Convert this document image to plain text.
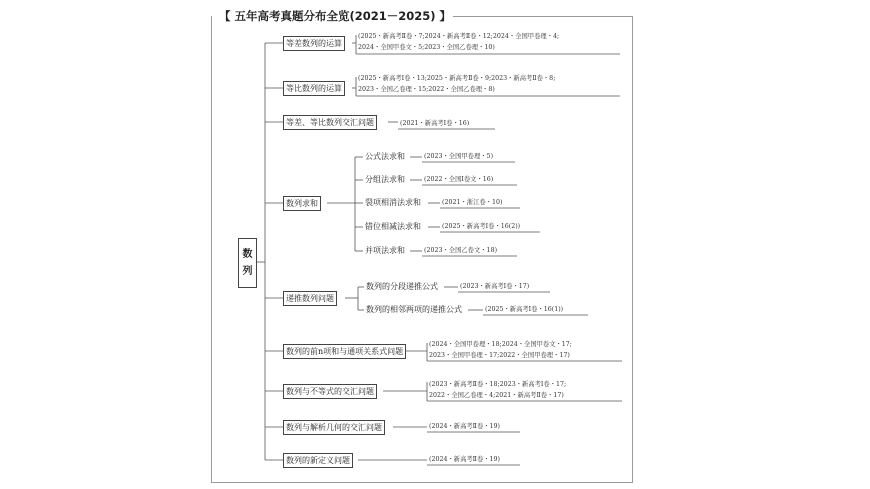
【 五年高考真题分布全览(2021－2025) 】
数
列
等差数列的运算
(2025・新高考Ⅱ卷・7;2024・新高考Ⅱ卷・12;2024・全国甲卷理・4;
2024・全国甲卷文・5;2023・全国乙卷理・10)
等比数列的运算
(2025・新高考Ⅰ卷・13;2025・新高考Ⅱ卷・9;2023・新高考Ⅱ卷・8;
2023・全国乙卷理・15;2022・全国乙卷理・8)
等差、等比数列交汇问题	(2021・新高考Ⅰ卷・16)
数列求和
公式法求和	(2023・全国甲卷理・5)
分组法求和	(2022・全国Ⅰ卷文・16)
裂项相消法求和	(2021・浙江卷・10)
错位相减法求和	(2025・新高考Ⅰ卷・16(2))
并项法求和	(2023・全国乙卷文・18)
递推数列问题
数列的分段递推公式	(2023・新高考Ⅰ卷・17)
数列的相邻两项的递推公式	(2025・新高考Ⅰ卷・16(1))
数列的前n项和与通项关系式问题
(2024・全国甲卷理・18;2024・全国甲卷文・17;
2023・全国甲卷理・17;2022・全国甲卷理・17)
数列与不等式的交汇问题
(2023・新高考Ⅱ卷・18;2023・新高考Ⅰ卷・17;
2022・全国乙卷理・4;2021・新高考Ⅱ卷・17)
数列与解析几何的交汇问题	(2024・新高考Ⅱ卷・19)
数列的新定义问题	(2024・新高考Ⅱ卷・19)
